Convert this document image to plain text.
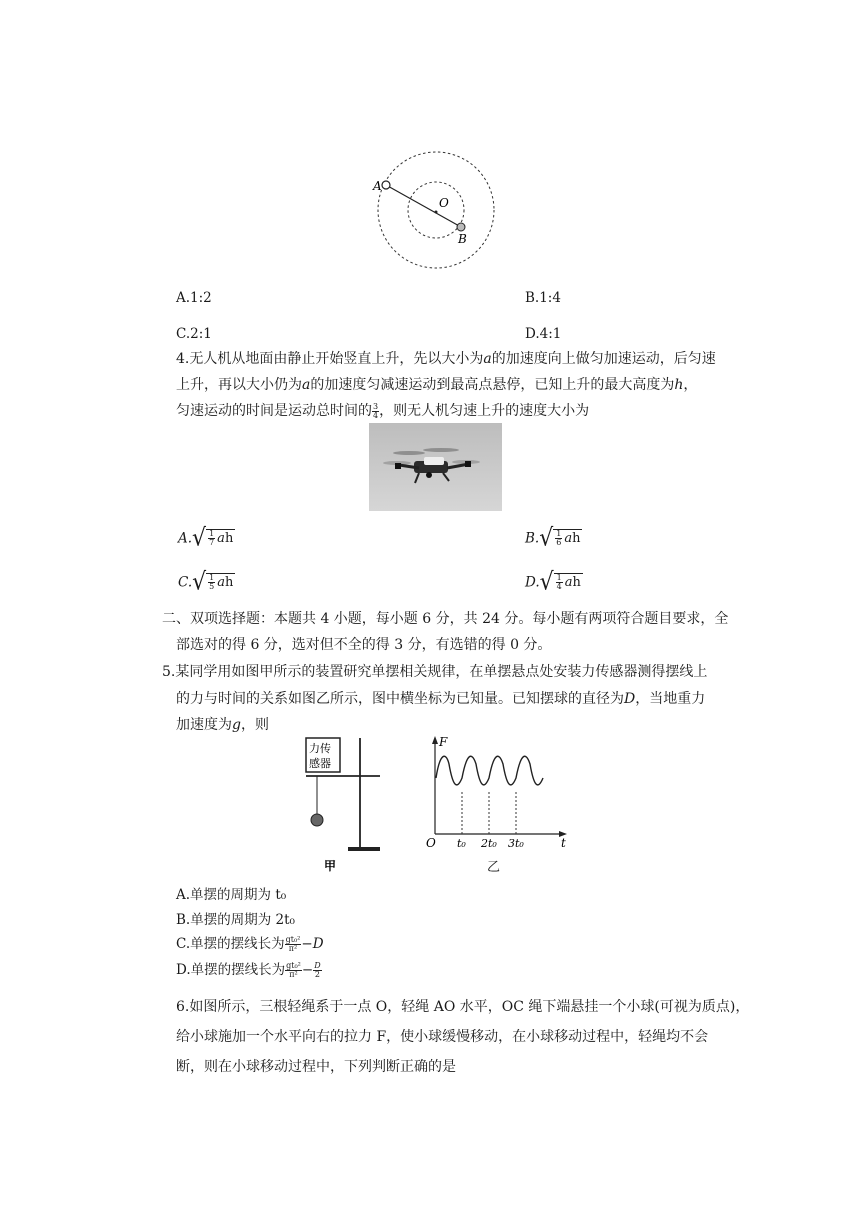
A
O
B
A.1:2	B.1:4
C.2:1	D.4:1
4.无人机从地面由静止开始竖直上升，先以大小为a的加速度向上做匀加速运动，后匀速
上升，再以大小仍为a的加速度匀减速运动到最高点悬停，已知上升的最大高度为h，
匀速运动的时间是运动总时间的 $\frac{3}{4}$ ，则无人机匀速上升的速度大小为
A. √ $\frac{1}{7}$ a h	B. √ $\frac{1}{6}$ a h
C. √ $\frac{1}{5}$ a h	D. √ $\frac{1}{4}$ a h
二、双项选择题：本题共 4 小题，每小题 6 分，共 24 分。每小题有两项符合题目要求，全
部选对的得 6 分，选对但不全的得 3 分，有选错的得 0 分。
5.某同学用如图甲所示的装置研究单摆相关规律，在单摆悬点处安装力传感器测得摆线上
的力与时间的关系如图乙所示，图中横坐标为已知量。已知摆球的直径为D，当地重力
加速度为g，则
力传
感器
甲
F
t
O t₀ 2t₀ 3t₀
乙
A.单摆的周期为 t₀
B.单摆的周期为 2t₀
C.单摆的摆线长为 $\frac{\text{gt₀²}}{\text{π²}} -D$
D.单摆的摆线长为 $\frac{\text{gt₀²}}{\text{π²}} - \frac{D}{2}$
6.如图所示，三根轻绳系于一点 O，轻绳 AO 水平，OC 绳下端悬挂一个小球(可视为质点)，
给小球施加一个水平向右的拉力 F，使小球缓慢移动，在小球移动过程中，轻绳均不会
断，则在小球移动过程中，下列判断正确的是
